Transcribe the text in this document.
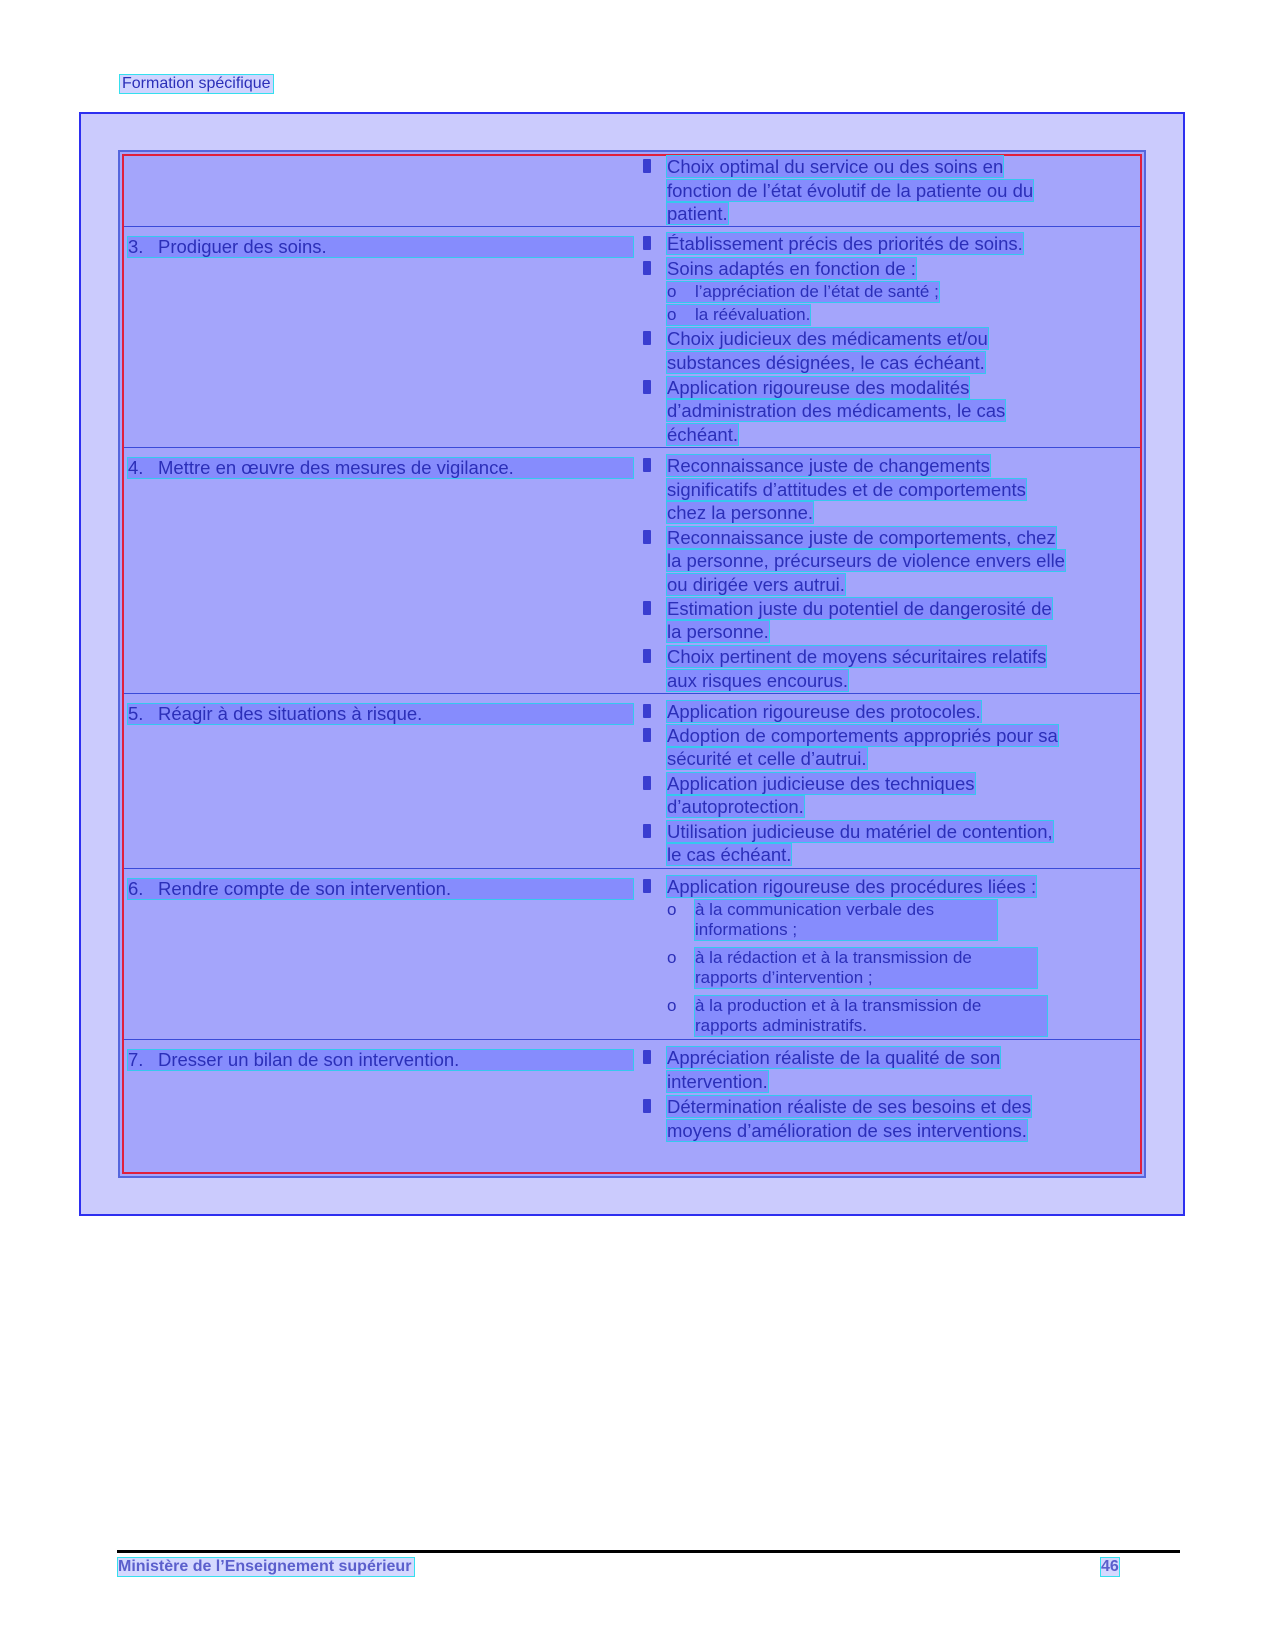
Formation spécifique
Choix optimal du service ou des soins en
fonction de l’état évolutif de la patiente ou du
patient.
3. Prodiguer des soins.	Établissement précis des priorités de soins.
Soins adaptés en fonction de :
o l’appréciation de l’état de santé ;
o la réévaluation.
Choix judicieux des médicaments et/ou
substances désignées, le cas échéant.
Application rigoureuse des modalités
d’administration des médicaments, le cas
échéant.
4. Mettre en œuvre des mesures de vigilance.	Reconnaissance juste de changements
significatifs d’attitudes et de comportements
chez la personne.
Reconnaissance juste de comportements, chez
la personne, précurseurs de violence envers elle
ou dirigée vers autrui.
Estimation juste du potentiel de dangerosité de
la personne.
Choix pertinent de moyens sécuritaires relatifs
aux risques encourus.
5. Réagir à des situations à risque.	Application rigoureuse des protocoles.
Adoption de comportements appropriés pour sa
sécurité et celle d’autrui.
Application judicieuse des techniques
d’autoprotection.
Utilisation judicieuse du matériel de contention,
le cas échéant.
6. Rendre compte de son intervention.	Application rigoureuse des procédures liées :
o à la communication verbale des informations ;
o à la rédaction et à la transmission de rapports d’intervention ;
o à la production et à la transmission de rapports administratifs.
7. Dresser un bilan de son intervention.	Appréciation réaliste de la qualité de son
intervention.
Détermination réaliste de ses besoins et des
moyens d’amélioration de ses interventions.
Ministère de l’Enseignement supérieur	46
